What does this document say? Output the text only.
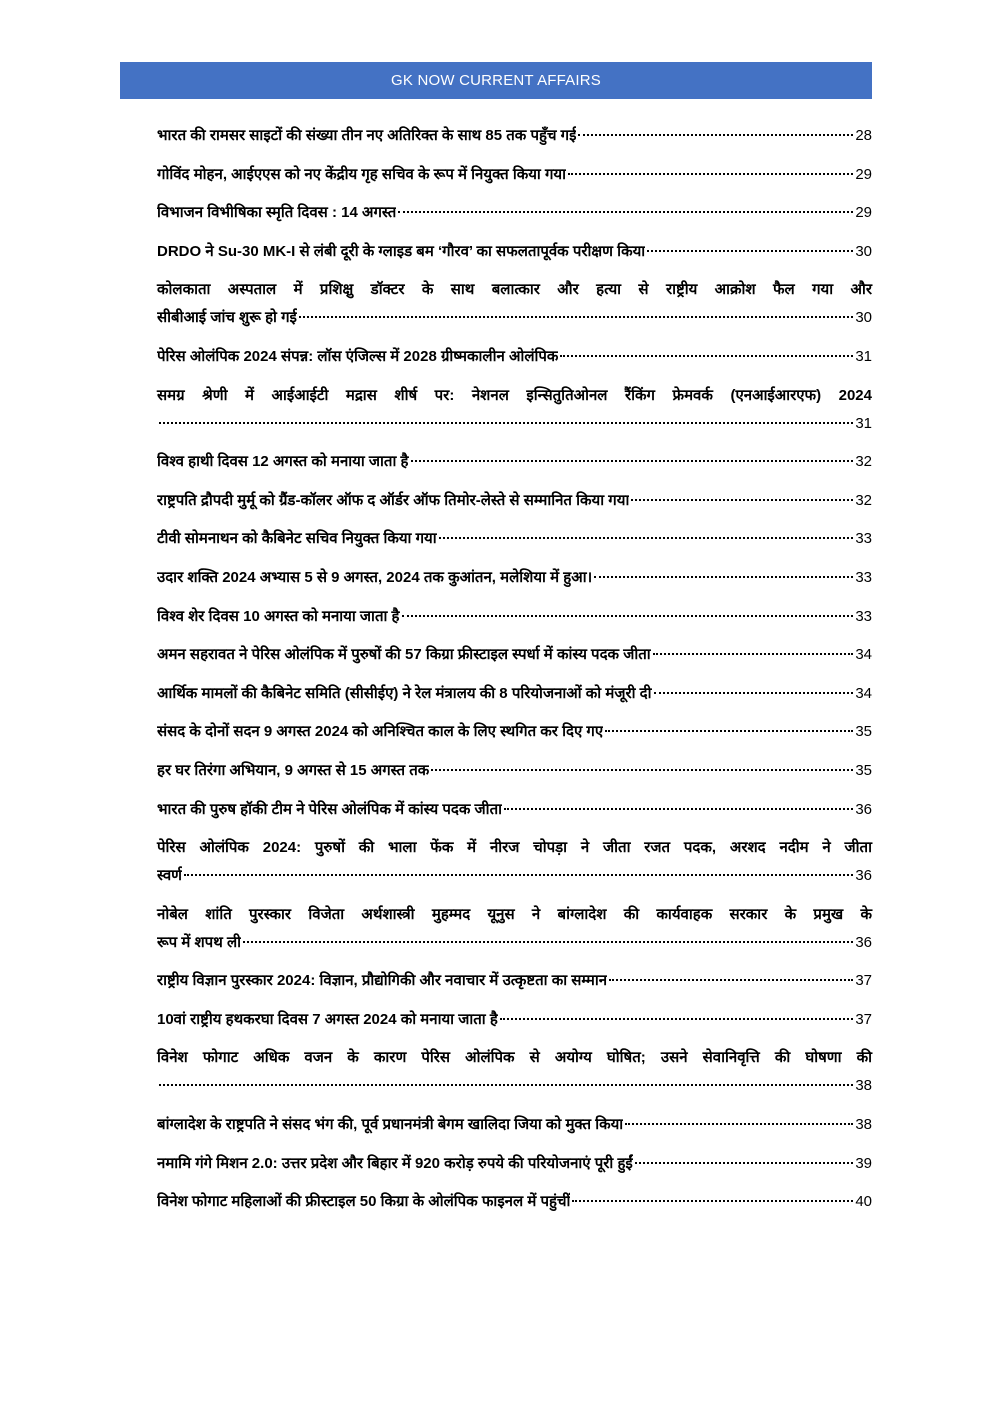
GK NOW CURRENT AFFAIRS
भारत की रामसर साइटों की संख्या तीन नए अतिरिक्त के साथ 85 तक पहुँच गई	28
गोविंद मोहन, आईएएस को नए केंद्रीय गृह सचिव के रूप में नियुक्त किया गया	29
विभाजन विभीषिका स्मृति दिवस : 14 अगस्त	29
DRDO ने Su-30 MK-I से लंबी दूरी के ग्लाइड बम ‘गौरव’ का सफलतापूर्वक परीक्षण किया	30
कोलकाता अस्पताल में प्रशिक्षु डॉक्टर के साथ बलात्कार और हत्या से राष्ट्रीय आक्रोश फैल गया और
सीबीआई जांच शुरू हो गई	30
पेरिस ओलंपिक 2024 संपन्न: लॉस एंजिल्स में 2028 ग्रीष्मकालीन ओलंपिक	31
समग्र श्रेणी में आईआईटी मद्रास शीर्ष पर: नेशनल इन्सितुतिओनल रैंकिंग फ्रेमवर्क (एनआईआरएफ) 2024
31
विश्व हाथी दिवस 12 अगस्त को मनाया जाता है	32
राष्ट्रपति द्रौपदी मुर्मू को ग्रैंड-कॉलर ऑफ द ऑर्डर ऑफ तिमोर-लेस्ते से सम्मानित किया गया	32
टीवी सोमनाथन को कैबिनेट सचिव नियुक्त किया गया	33
उदार शक्ति 2024 अभ्यास 5 से 9 अगस्त, 2024 तक कुआंतन, मलेशिया में हुआ।	33
विश्व शेर दिवस 10 अगस्त को मनाया जाता है	33
अमन सहरावत ने पेरिस ओलंपिक में पुरुषों की 57 किग्रा फ्रीस्टाइल स्पर्धा में कांस्य पदक जीता	34
आर्थिक मामलों की कैबिनेट समिति (सीसीईए) ने रेल मंत्रालय की 8 परियोजनाओं को मंजूरी दी	34
संसद के दोनों सदन 9 अगस्त 2024 को अनिश्चित काल के लिए स्थगित कर दिए गए	35
हर घर तिरंगा अभियान, 9 अगस्त से 15 अगस्त तक	35
भारत की पुरुष हॉकी टीम ने पेरिस ओलंपिक में कांस्य पदक जीता	36
पेरिस ओलंपिक 2024: पुरुषों की भाला फेंक में नीरज चोपड़ा ने जीता रजत पदक, अरशद नदीम ने जीता
स्वर्ण	36
नोबेल शांति पुरस्कार विजेता अर्थशास्त्री मुहम्मद यूनुस ने बांग्लादेश की कार्यवाहक सरकार के प्रमुख के
रूप में शपथ ली	36
राष्ट्रीय विज्ञान पुरस्कार 2024: विज्ञान, प्रौद्योगिकी और नवाचार में उत्कृष्टता का सम्मान	37
10वां राष्ट्रीय हथकरघा दिवस 7 अगस्त 2024 को मनाया जाता है	37
विनेश फोगाट अधिक वजन के कारण पेरिस ओलंपिक से अयोग्य घोषित; उसने सेवानिवृत्ति की घोषणा की
38
बांग्लादेश के राष्ट्रपति ने संसद भंग की, पूर्व प्रधानमंत्री बेगम खालिदा जिया को मुक्त किया	38
नमामि गंगे मिशन 2.0: उत्तर प्रदेश और बिहार में 920 करोड़ रुपये की परियोजनाएं पूरी हुईं	39
विनेश फोगाट महिलाओं की फ्रीस्टाइल 50 किग्रा के ओलंपिक फाइनल में पहुंचीं	40
